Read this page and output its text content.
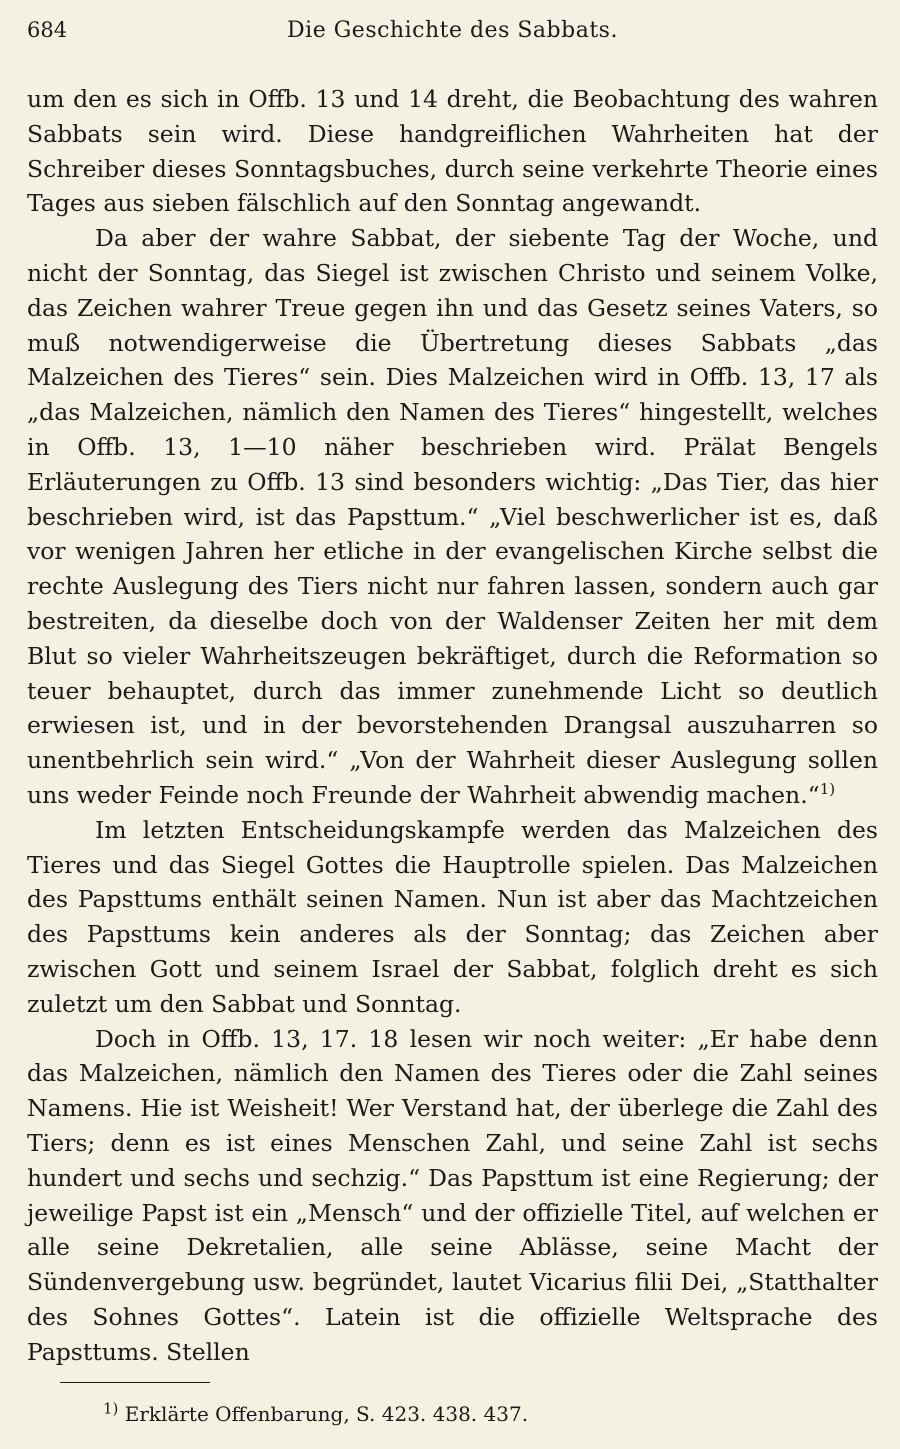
684	Die Geschichte des Sabbats.

um den es sich in Offb. 13 und 14 dreht, die Beobachtung des wahren Sabbats sein wird. Diese handgreiflichen Wahrheiten hat der Schreiber dieses Sonntagsbuches, durch seine verkehrte Theorie eines Tages aus sieben fälschlich auf den Sonntag angewandt.

Da aber der wahre Sabbat, der siebente Tag der Woche, und nicht der Sonntag, das Siegel ist zwischen Christo und seinem Volke, das Zeichen wahrer Treue gegen ihn und das Gesetz seines Vaters, so muß notwendigerweise die Übertretung dieses Sabbats „das Malzeichen des Tieres“ sein. Dies Malzeichen wird in Offb. 13, 17 als „das Malzeichen, nämlich den Namen des Tieres“ hingestellt, welches in Offb. 13, 1—10 näher beschrieben wird. Prälat Bengels Erläuterungen zu Offb. 13 sind besonders wichtig: „Das Tier, das hier beschrieben wird, ist das Papsttum.“ „Viel beschwerlicher ist es, daß vor wenigen Jahren her etliche in der evangelischen Kirche selbst die rechte Auslegung des Tiers nicht nur fahren lassen, sondern auch gar bestreiten, da dieselbe doch von der Waldenser Zeiten her mit dem Blut so vieler Wahrheitszeugen bekräftiget, durch die Reformation so teuer behauptet, durch das immer zunehmende Licht so deutlich erwiesen ist, und in der bevorstehenden Drangsal auszuharren so unentbehrlich sein wird.“ „Von der Wahrheit dieser Auslegung sollen uns weder Feinde noch Freunde der Wahrheit abwendig machen.“$^{1)}$

Im letzten Entscheidungskampfe werden das Malzeichen des Tieres und das Siegel Gottes die Hauptrolle spielen. Das Malzeichen des Papsttums enthält seinen Namen. Nun ist aber das Machtzeichen des Papsttums kein anderes als der Sonntag; das Zeichen aber zwischen Gott und seinem Israel der Sabbat, folglich dreht es sich zuletzt um den Sabbat und Sonntag.

Doch in Offb. 13, 17. 18 lesen wir noch weiter: „Er habe denn das Malzeichen, nämlich den Namen des Tieres oder die Zahl seines Namens. Hie ist Weisheit! Wer Verstand hat, der überlege die Zahl des Tiers; denn es ist eines Menschen Zahl, und seine Zahl ist sechs hundert und sechs und sechzig.“ Das Papsttum ist eine Regierung; der jeweilige Papst ist ein „Mensch“ und der offizielle Titel, auf welchen er alle seine Dekretalien, alle seine Ablässe, seine Macht der Sündenvergebung usw. begründet, lautet Vicarius filii Dei, „Statthalter des Sohnes Gottes“. Latein ist die offizielle Weltsprache des Papsttums. Stellen

$^{1)}$ Erklärte Offenbarung, S. 423. 438. 437.
